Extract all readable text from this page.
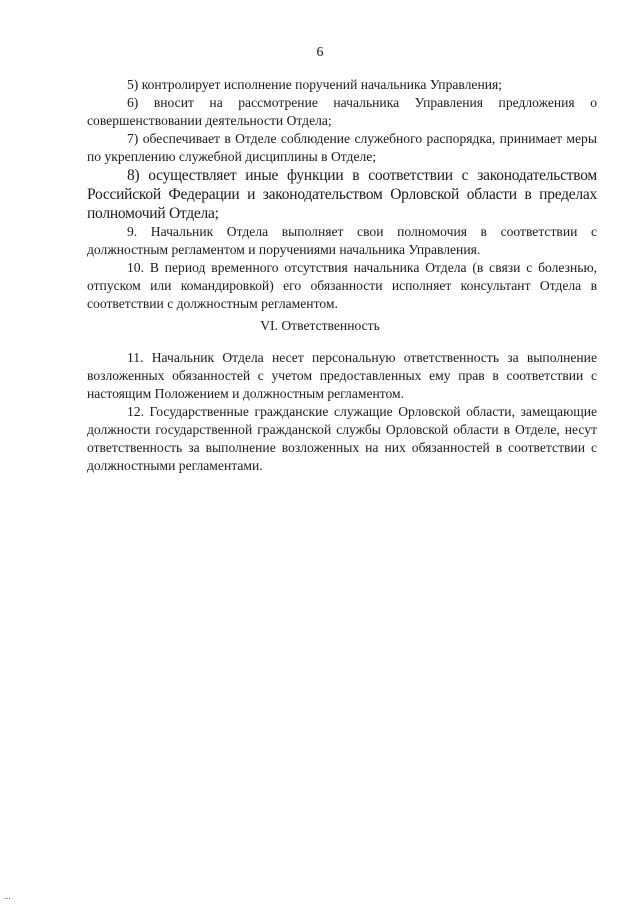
6

5) контролирует исполнение поручений начальника Управления;

6) вносит на рассмотрение начальника Управления предложения о совершенствовании деятельности Отдела;

7) обеспечивает в Отделе соблюдение служебного распорядка, принимает меры по укреплению служебной дисциплины в Отделе;

8) осуществляет иные функции в соответствии с законодательством Российской Федерации и законодательством Орловской области в пределах полномочий Отдела;

9. Начальник Отдела выполняет свои полномочия в соответствии с должностным регламентом и поручениями начальника Управления.

10. В период временного отсутствия начальника Отдела (в связи с болезнью, отпуском или командировкой) его обязанности исполняет консультант Отдела в соответствии с должностным регламентом.

VI. Ответственность

11. Начальник Отдела несет персональную ответственность за выполнение возложенных обязанностей с учетом предоставленных ему прав в соответствии с настоящим Положением и должностным регламентом.

12. Государственные гражданские служащие Орловской области, замещающие должности государственной гражданской службы Орловской области в Отделе, несут ответственность за выполнение возложенных на них обязанностей в соответствии с должностными регламентами.

...
